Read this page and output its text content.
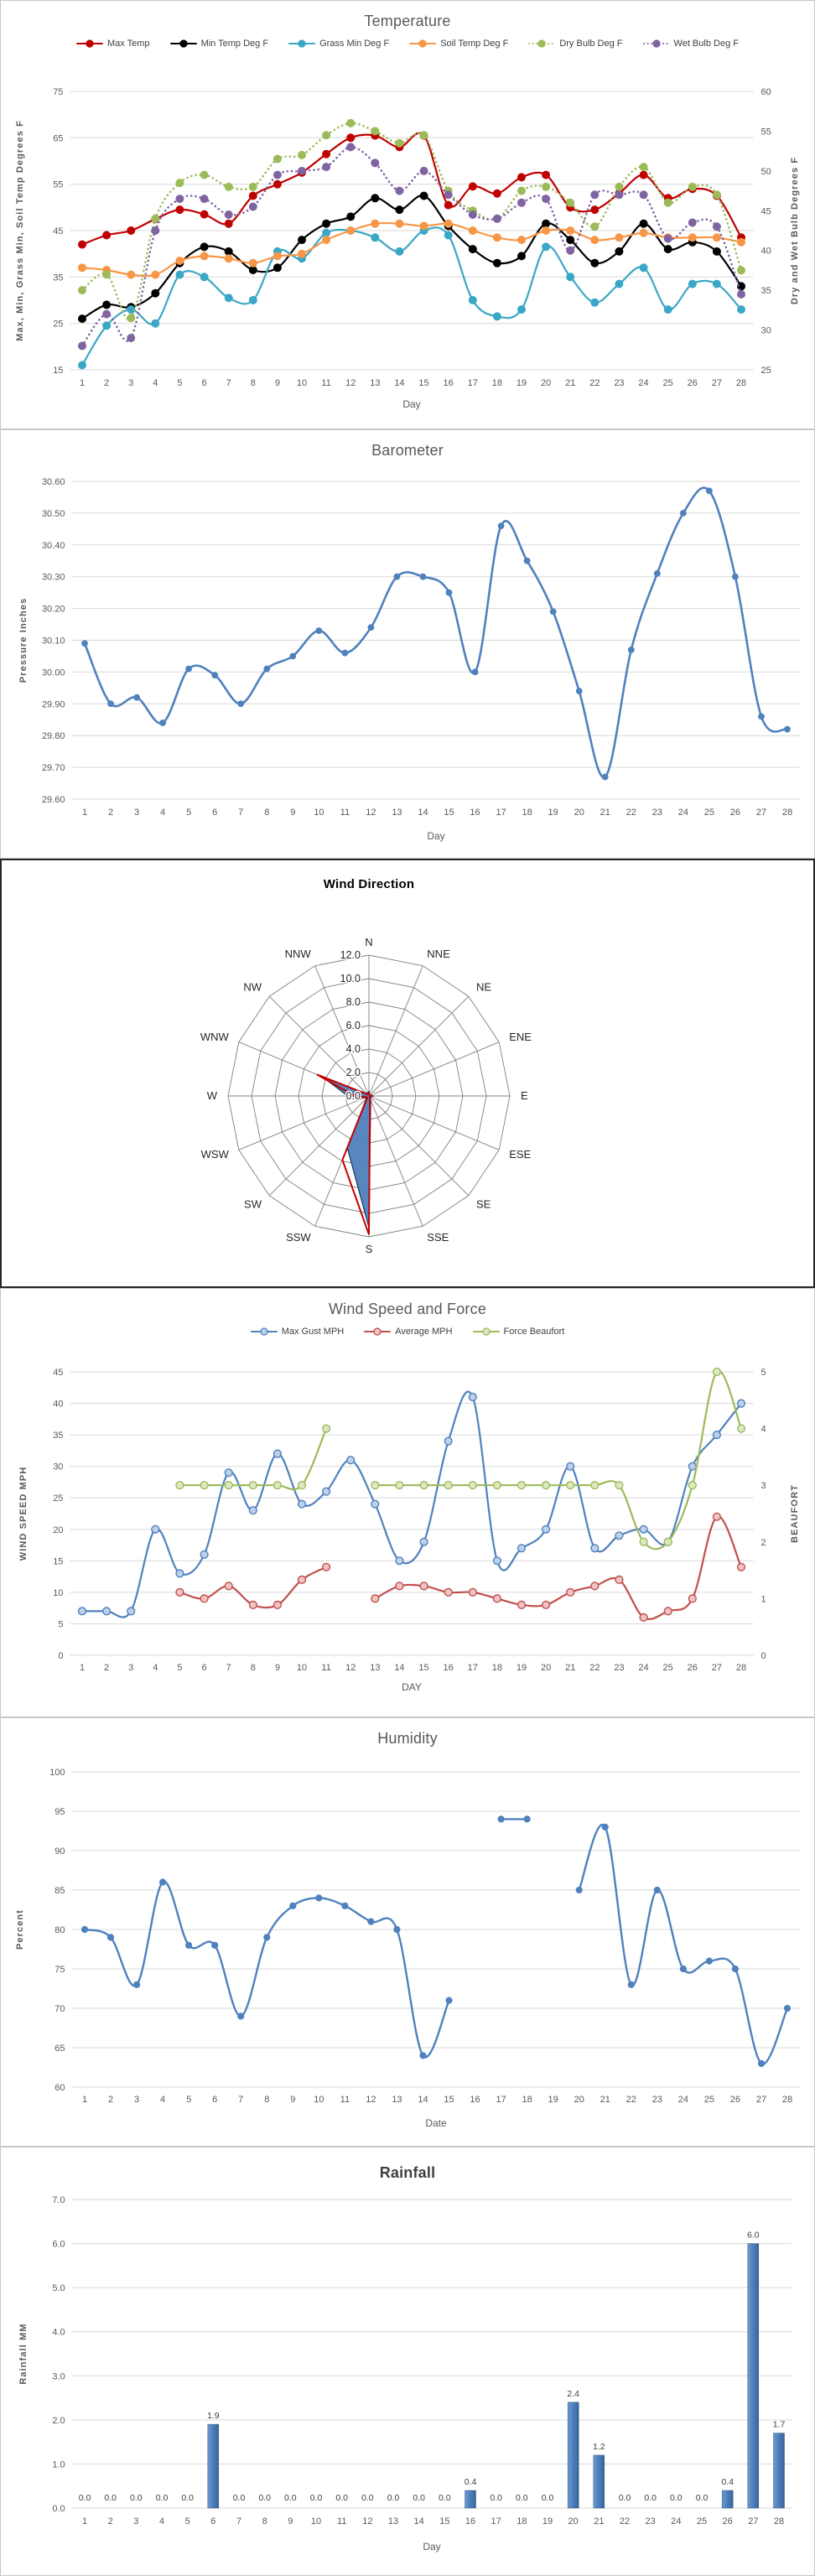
15
25
35
45
55
65
75
25
30
35
40
45
50
55
60
1 2 3 4 5 6 7 8 9 10 11 12 13 14 15 16 17 18 19 20 21 22 23 24 25 26 27 28
Day
Max, Min, Grass Min, Soil Temp Degrees F	Dry and Wet Bulb Degrees F
Temperature
Max Temp	Min Temp Deg F	Grass Min Deg F	Soil Temp Deg F	Dry Bulb Deg F	Wet Bulb Deg F
29.60
29.70
29.80
29.90
30.00
30.10
30.20
30.30
30.40
30.50
30.60
1 2 3 4 5 6 7 8 9 10 11 12 13 14 15 16 17 18 19 20 21 22 23 24 25 26 27 28
Day
Pressure Inches
Barometer
N
NNE
NE
ENE
E
ESE
SE
SSE
S
SSW
SW
WSW
W
WNW
NW
NNW
0.0
2.0
4.0
6.0
8.0
10.0
12.0
Wind Direction
0
5
10
15
20
25
30
35
40
45
0
1
2
3
4
5
1 2 3 4 5 6 7 8 9 10 11 12 13 14 15 16 17 18 19 20 21 22 23 24 25 26 27 28
DAY
WIND SPEED MPH	BEAUFORT
Wind Speed and Force
Max Gust MPH	Average MPH	Force Beaufort
60
65
70
75
80
85
90
95
100
1 2 3 4 5 6 7 8 9 10 11 12 13 14 15 16 17 18 19 20 21 22 23 24 25 26 27 28
Date
Percent
Humidity
0.0
1.0
2.0
3.0
4.0
5.0
6.0
7.0
1 2 3 4 5 6 7 8 9 10 11 12 13 14 15 16 17 18 19 20 21 22 23 24 25 26 27 28
Day
Rainfall MM
0.0 0.0 0.0 0.0 0.0
1.9
0.0 0.0 0.0 0.0 0.0 0.0 0.0 0.0 0.0
0.4
0.0 0.0 0.0
2.4
1.2
0.0 0.0 0.0 0.0
0.4
6.0
1.7
Rainfall
